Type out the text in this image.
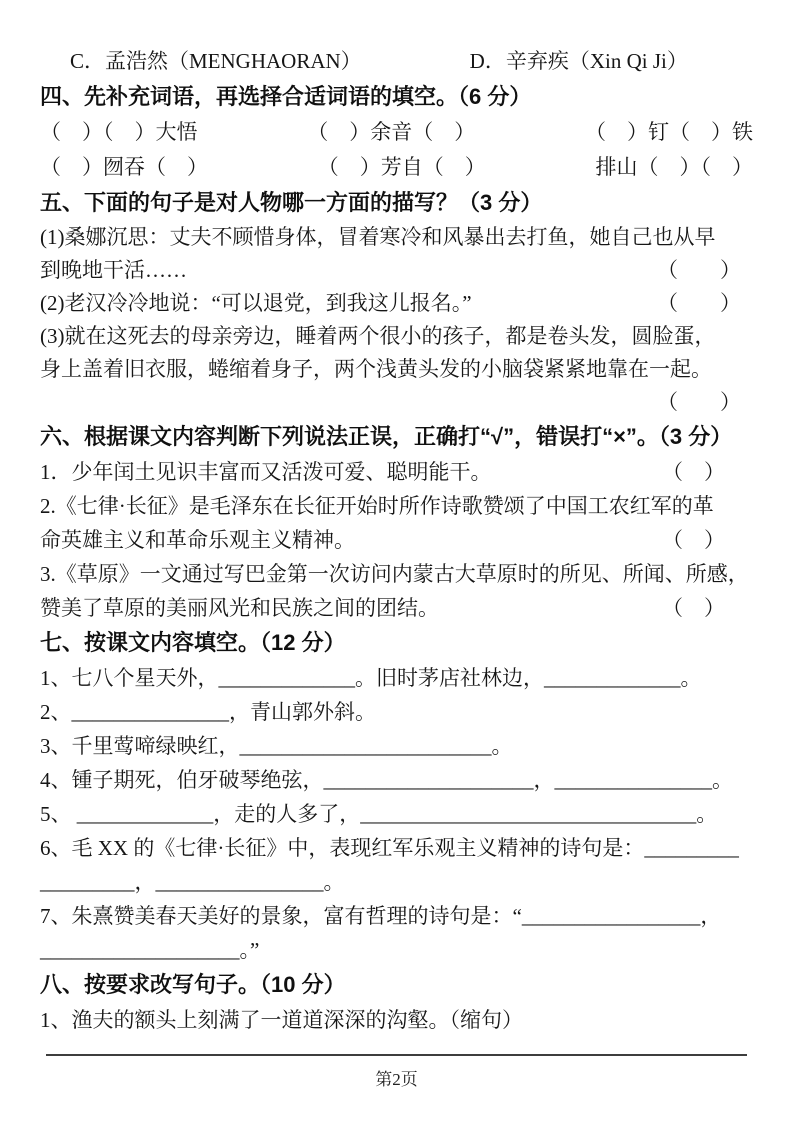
C．孟浩然（MENGHAORAN）	D．辛弃疾（Xin Qi Ji）
四、先补充词语，再选择合适词语的填空。（6 分）
（　）（　）大悟	（　）余音（　）	（　）钉（　）铁
（　）囫吞（　）	（　）芳自（　）	排山（　）（　）
五、下面的句子是对人物哪一方面的描写？（3 分）
(1)桑娜沉思：丈夫不顾惜身体，冒着寒冷和风暴出去打鱼，她自己也从早
到晚地干活……	（　　）
(2)老汉冷冷地说：“可以退党，到我这儿报名。”	（　　）
(3)就在这死去的母亲旁边，睡着两个很小的孩子，都是卷头发，圆脸蛋，
身上盖着旧衣服，蜷缩着身子，两个浅黄头发的小脑袋紧紧地靠在一起。
（　　）
六、根据课文内容判断下列说法正误，正确打“√”，错误打“×”。（3 分）
1．少年闰土见识丰富而又活泼可爱、聪明能干。	（　）
2.《七律·长征》是毛泽东在长征开始时所作诗歌赞颂了中国工农红军的革
命英雄主义和革命乐观主义精神。	（　）
3.《草原》一文通过写巴金第一次访问内蒙古大草原时的所见、所闻、所感，
赞美了草原的美丽风光和民族之间的团结。	（　）
七、按课文内容填空。（12 分）
1、七八个星天外，_____________。旧时茅店社林边，_____________。
2、_______________，青山郭外斜。
3、千里莺啼绿映红，________________________。
4、锺子期死，伯牙破琴绝弦，____________________，_______________。
5、 _____________，走的人多了，________________________________。
6、毛 XX 的《七律·长征》中，表现红军乐观主义精神的诗句是：_________
_________，________________。
7、朱熹赞美春天美好的景象，富有哲理的诗句是：“_________________，
___________________。”
八、按要求改写句子。（10 分）
1、渔夫的额头上刻满了一道道深深的沟壑。（缩句）
第2页
